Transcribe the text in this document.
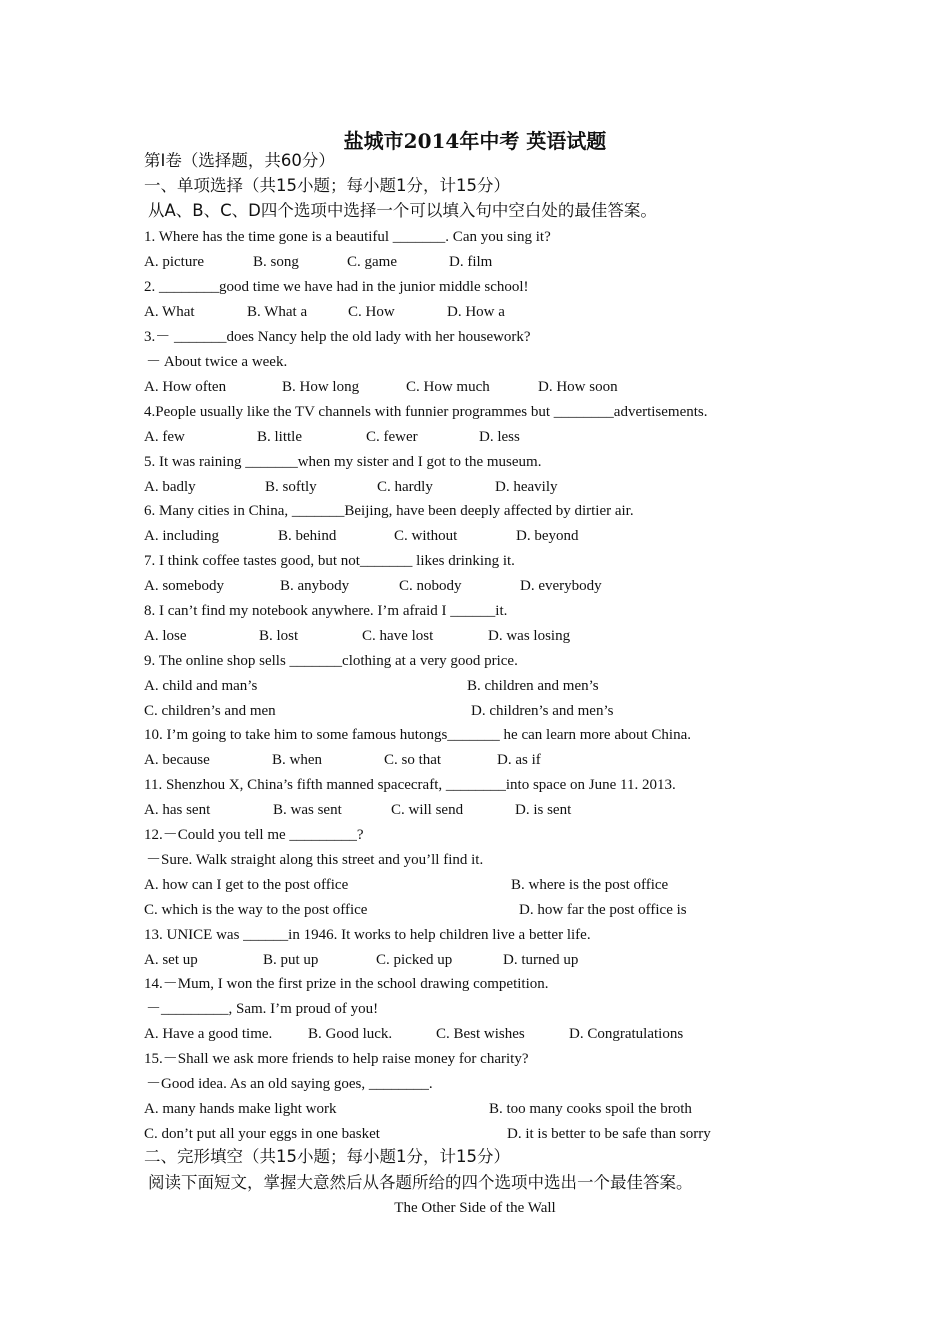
盐城市2014年中考 英语试题
第Ⅰ卷（选择题，共60分）
一、单项选择（共15小题；每小题1分，计15分）
从A、B、C、D四个选项中选择一个可以填入句中空白处的最佳答案。
1. Where has the time gone is a beautiful _______. Can you sing it?
A. picture	B. song	C. game	D. film
2. ________good time we have had in the junior middle school!
A. What	B. What a	C. How	D. How a
3.－ _______does Nancy help the old lady with her housework?
－ About twice a week.
A. How often	B. How long	C. How much	D. How soon
4.People usually like the TV channels with funnier programmes but ________advertisements.
A. few	B. little	C. fewer	D. less
5. It was raining _______when my sister and I got to the museum.
A. badly	B. softly	C. hardly	D. heavily
6. Many cities in China, _______Beijing, have been deeply affected by dirtier air.
A. including	B. behind	C. without	D. beyond
7. I think coffee tastes good, but not_______ likes drinking it.
A. somebody	B. anybody	C. nobody	D. everybody
8. I can’t find my notebook anywhere. I’m afraid I ______it.
A. lose	B. lost	C. have lost	D. was losing
9. The online shop sells _______clothing at a very good price.
A. child and man’s	B. children and men’s
C. children’s and men	D. children’s and men’s
10. I’m going to take him to some famous hutongs_______ he can learn more about China.
A. because	B. when	C. so that	D. as if
11. Shenzhou X, China’s fifth manned spacecraft, ________into space on June 11. 2013.
A. has sent	B. was sent	C. will send	D. is sent
12.－Could you tell me _________?
－Sure. Walk straight along this street and you’ll find it.
A. how can I get to the post office	B. where is the post office
C. which is the way to the post office	D. how far the post office is
13. UNICE was ______in 1946. It works to help children live a better life.
A. set up	B. put up	C. picked up	D. turned up
14.－Mum, I won the first prize in the school drawing competition.
－_________, Sam. I’m proud of you!
A. Have a good time. B. Good luck.	C. Best wishes	D. Congratulations
15.－Shall we ask more friends to help raise money for charity?
－Good idea. As an old saying goes, ________.
A. many hands make light work	B. too many cooks spoil the broth
C. don’t put all your eggs in one basket	D. it is better to be safe than sorry
二、完形填空（共15小题；每小题1分，计15分）
阅读下面短文，掌握大意然后从各题所给的四个选项中选出一个最佳答案。
The Other Side of the Wall
